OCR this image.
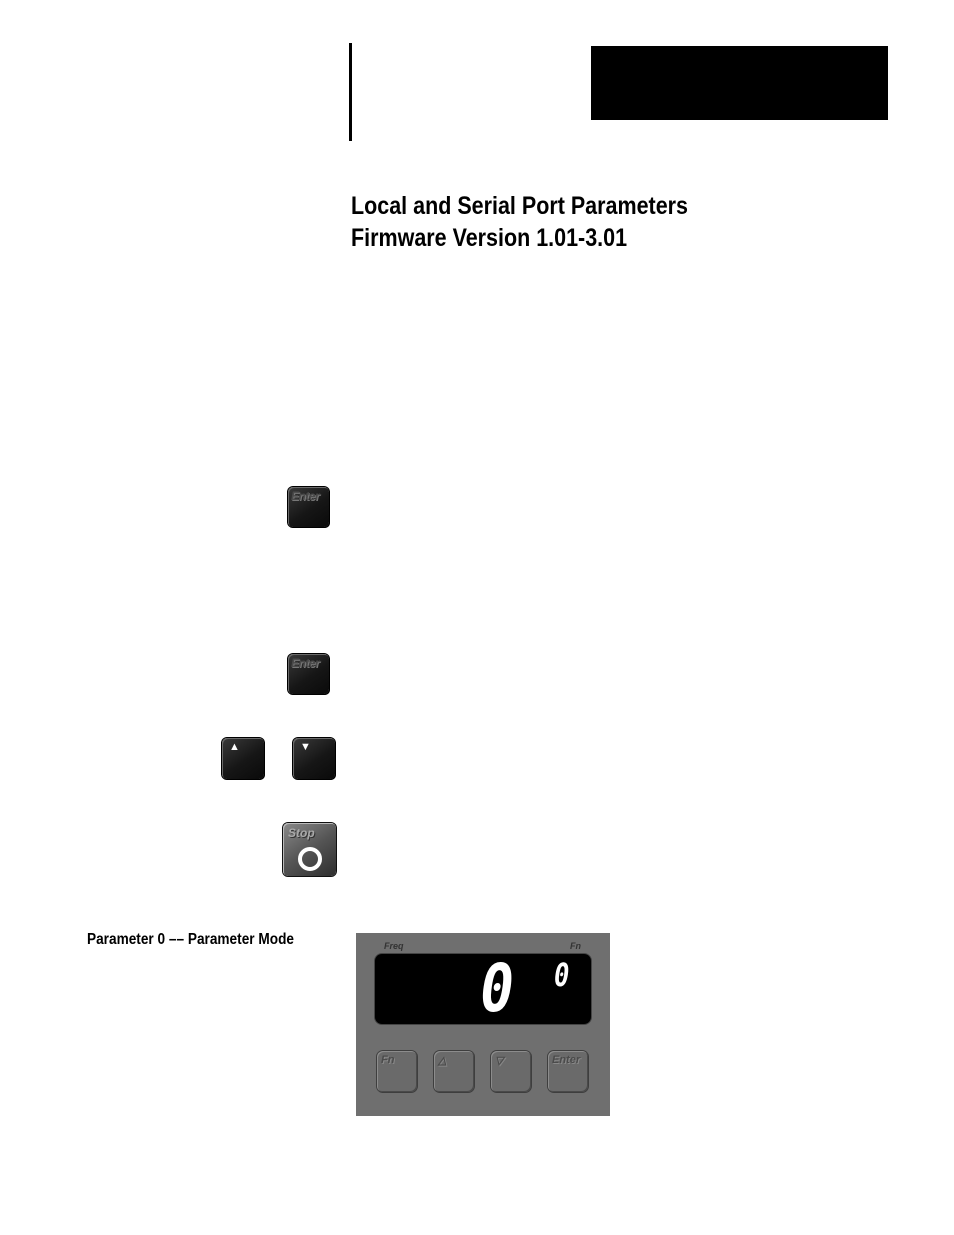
Local and Serial Port Parameters
Firmware Version 1.01-3.01
Enter
Enter
▲	▼
Stop
Parameter 0 –– Parameter Mode	Freq	Fn
0 0
Fn	△	▽	Enter
